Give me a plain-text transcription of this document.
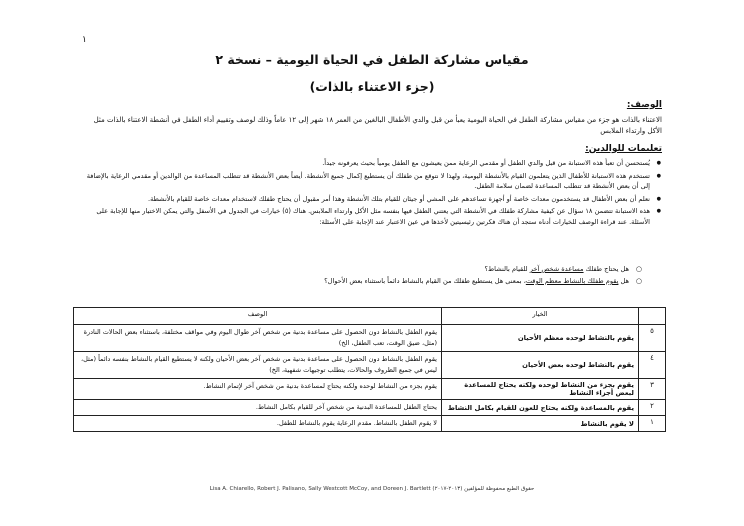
١
مقياس مشاركة الطفل في الحياة اليومية – نسخة ٢
(جزء الاعتناء بالذات)
الوصف:
الاعتناء بالذات هو جزء من مقياس مشاركة الطفل في الحياة اليومية يعبأ من قبل والدي الأطفال البالغين من العمر ١٨ شهر إلى ١٢ عاماً وذلك لوصف وتقييم أداء الطفل في أنشطة الاعتناء بالذات مثل الأكل وارتداء الملابس
تعليمات للوالدين:
● يُستحسن أن تعبأ هذه الاستبانة من قبل والدي الطفل أو مقدمي الرعاية ممن يعيشون مع الطفل يومياً بحيث يعرفونه جيداً.
● تستخدم هذه الاستبانة للأطفال الذين يتعلمون القيام بالأنشطة اليومية، ولهذا لا نتوقع من طفلك أن يستطيع إكمال جميع الأنشطة. أيضاً بعض الأنشطة قد تتطلب المساعدة من الوالدين أو مقدمي الرعاية بالإضافة إلى أن بعض الأنشطة قد تتطلب المساعدة لضمان سلامة الطفل.
● نعلم أن بعض الأطفال قد يستخدمون معدات خاصة أو أجهزة تساعدهم على المشي أو جيئان للقيام بتلك الأنشطة وهذا أمر مقبول أن يحتاج طفلك لاستخدام معدات خاصة للقيام بالأنشطة.
● هذه الاستبانة تتضمن ١٨ سؤال عن كيفية مشاركة طفلك في الأنشطة التي يعتني الطفل فيها بنفسه مثل الأكل وارتداء الملابس. هناك (٥) خيارات في الجدول في الأسفل والتي يمكن الاختيار منها للإجابة على الأسئلة. عند قراءة الوصف للخيارات أدناه ستجد أن هناك فكرتين رئيسيتين لأخذها في عين الاعتبار عند الإجابة على الأسئلة:
○ هل يحتاج طفلك مساعدة شخص آخر للقيام بالنشاط؟
○ هل يقوم طفلك بالنشاط معظم الوقت، بمعنى هل يستطيع طفلك من القيام بالنشاط دائماً باستثناء بعض الأحوال؟
	الخيار	الوصف
٥	يقوم بالنشاط لوحده معظم الأحيان	يقوم الطفل بالنشاط دون الحصول على مساعدة بدنية من شخص آخر طوال اليوم وفي مواقف مختلفة، باستثناء بعض الحالات النادرة (مثل، ضيق الوقت، تعب الطفل، الخ)
٤	يقوم بالنشاط لوحده بعض الأحيان	يقوم الطفل بالنشاط دون الحصول على مساعدة بدنية من شخص آخر بعض الأحيان ولكنه لا يستطيع القيام بالنشاط بنفسه دائماً (مثل، ليس في جميع الظروف والحالات، يتطلب توجيهات شفهية، الخ)
٣	يقوم بجزء من النشاط لوحده ولكنه يحتاج للمساعدة لبعض أجزاء النشاط	يقوم بجزء من النشاط لوحده ولكنه يحتاج لمساعدة بدنية من شخص آخر لإتمام النشاط.
٢	يقوم بالمساعدة ولكنه يحتاج للعون للقيام بكامل النشاط	يحتاج الطفل للمساعدة البدنية من شخص آخر للقيام بكامل النشاط.
١	لا يقوم بالنشاط	لا يقوم الطفل بالنشاط. مقدم الرعاية يقوم بالنشاط للطفل.
حقوق الطبع محفوظة للمؤلفين (٢٠١٣-٢٠١٧) Lisa A. Chiarello, Robert J. Palisano, Sally Westcott McCoy, and Doreen J. Bartlett
